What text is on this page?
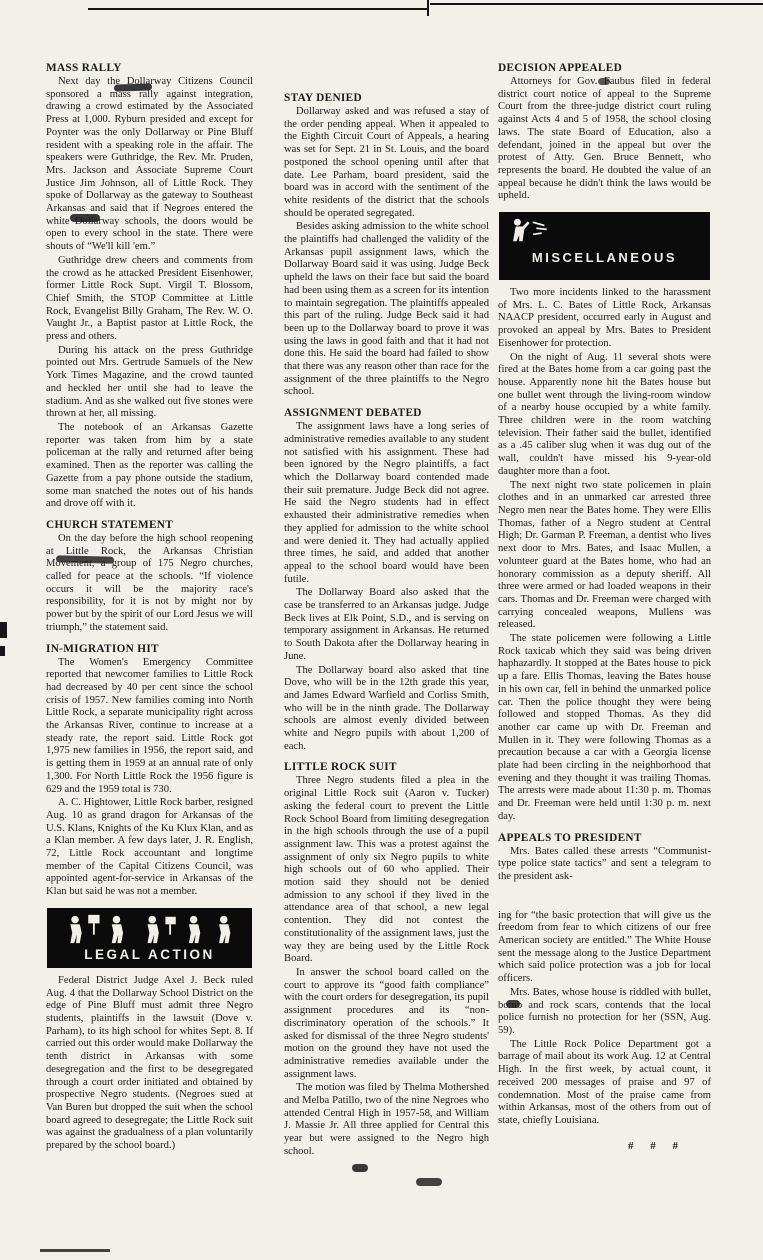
MASS RALLY

Next day the Dollarway Citizens Council sponsored a mass rally against integration, drawing a crowd estimated by the Associated Press at 1,000. Ryburn presided and except for Poynter was the only Dollarway or Pine Bluff resident with a speaking role in the affair. The speakers were Guthridge, the Rev. Mr. Pruden, Mrs. Jackson and Associate Supreme Court Justice Jim Johnson, all of Little Rock. They spoke of Dollarway as the gateway to Southeast Arkansas and said that if Negroes entered the white Dollarway schools, the doors would be open to every school in the state. There were shouts of “We'll kill 'em.”

Guthridge drew cheers and comments from the crowd as he attacked President Eisenhower, former Little Rock Supt. Virgil T. Blossom, Chief Smith, the STOP Committee at Little Rock, Evangelist Billy Graham, The Rev. W. O. Vaught Jr., a Baptist pastor at Little Rock, the press and others.

During his attack on the press Guthridge pointed out Mrs. Gertrude Samuels of the New York Times Magazine, and the crowd taunted and heckled her until she had to leave the stadium. And as she walked out five stones were thrown at her, all missing.

The notebook of an Arkansas Gazette reporter was taken from him by a state policeman at the rally and returned after being examined. Then as the reporter was calling the Gazette from a pay phone outside the stadium, some man snatched the notes out of his hands and drove off with it.

CHURCH STATEMENT

On the day before the high school reopening at Little Rock, the Arkansas Christian Movement, a group of 175 Negro churches, called for peace at the schools. “If violence occurs it will be the majority race's responsibility, for it is not by might nor by power but by the spirit of our Lord Jesus we will triumph,” the statement said.

IN-MIGRATION HIT

The Women's Emergency Committee reported that newcomer families to Little Rock had decreased by 40 per cent since the school crisis of 1957. New families coming into North Little Rock, a separate municipality right across the Arkansas River, continue to increase at a steady rate, the report said. Little Rock got 1,975 new families in 1956, the report said, and is getting them in 1959 at an annual rate of only 1,300. For North Little Rock the 1956 figure is 629 and the 1959 total is 730.

A. C. Hightower, Little Rock barber, resigned Aug. 10 as grand dragon for Arkansas of the U.S. Klans, Knights of the Ku Klux Klan, and as a Klan member. A few days later, J. R. English, 72, Little Rock accountant and longtime member of the Capital Citizens Council, was appointed agent-for-service in Arkansas of the Klan but said he was not a member.

LEGAL ACTION

Federal District Judge Axel J. Beck ruled Aug. 4 that the Dollarway School District on the edge of Pine Bluff must admit three Negro students, plaintiffs in the lawsuit (Dove v. Parham), to its high school for whites Sept. 8. If carried out this order would make Dollarway the tenth district in Arkansas with some desegregation and the first to be desegregated through a court order initiated and obtained by prospective Negro students. (Negroes sued at Van Buren but dropped the suit when the school board agreed to desegregate; the Little Rock suit was against the gradualness of a plan voluntarily prepared by the school board.)

STAY DENIED

Dollarway asked and was refused a stay of the order pending appeal. When it appealed to the Eighth Circuit Court of Appeals, a hearing was set for Sept. 21 in St. Louis, and the board postponed the school opening until after that date. Lee Parham, board president, said the board was in accord with the sentiment of the white residents of the district that the schools should be operated segregated.

Besides asking admission to the white school the plaintiffs had challenged the validity of the Arkansas pupil assignment laws, which the Dollarway Board said it was using. Judge Beck upheld the laws on their face but said the board had been using them as a screen for its intention to maintain segregation. The plaintiffs appealed this part of the ruling. Judge Beck said it had been up to the Dollarway board to prove it was using the laws in good faith and that it had not done this. He said the board had failed to show that there was any reason other than race for the assignment of the three plaintiffs to the Negro school.

ASSIGNMENT DEBATED

The assignment laws have a long series of administrative remedies available to any student not satisfied with his assignment. These had been ignored by the Negro plaintiffs, a fact which the Dollarway board contended made their suit premature. Judge Beck did not agree. He said the Negro students had in effect exhausted their administrative remedies when they applied for admission to the white school and were denied it. They had actually applied three times, he said, and added that another appeal to the school board would have been futile.

The Dollarway Board also asked that the case be transferred to an Arkansas judge. Judge Beck lives at Elk Point, S.D., and is serving on temporary assignment in Arkansas. He returned to South Dakota after the Dollarway hearing in June.

The Dollarway board also asked that tine Dove, who will be in the 12th grade this year, and James Edward Warfield and Corliss Smith, who will be in the ninth grade. The Dollarway schools are almost evenly divided between white and Negro pupils with about 1,200 of each.

LITTLE ROCK SUIT

Three Negro students filed a plea in the original Little Rock suit (Aaron v. Tucker) asking the federal court to prevent the Little Rock School Board from limiting desegregation in the high schools through the use of a pupil assignment law. This was a protest against the assignment of only six Negro pupils to white high schools out of 60 who applied. Their motion said they should not be denied admission to any school if they lived in the attendance area of that school, a new legal contention. They did not contest the constitutionality of the assignment laws, just the way they are being used by the Little Rock Board.

In answer the school board called on the court to approve its “good faith compliance” with the court orders for desegregation, its pupil assignment procedures and its “non-discriminatory operation of the schools.” It asked for dismissal of the three Negro students' motion on the ground they have not used the administrative remedies available under the assignment laws.

The motion was filed by Thelma Mothershed and Melba Patillo, two of the nine Negroes who attended Central High in 1957-58, and William J. Massie Jr. All three applied for Central this year but were assigned to the Negro high school.

DECISION APPEALED

Attorneys for Gov. Faubus filed in federal district court notice of appeal to the Supreme Court from the three-judge district court ruling against Acts 4 and 5 of 1958, the school closing laws. The state Board of Education, also a defendant, joined in the appeal but over the protest of Atty. Gen. Bruce Bennett, who represents the board. He doubted the value of an appeal because he didn't think the laws would be upheld.

MISCELLANEOUS

Two more incidents linked to the harassment of Mrs. L. C. Bates of Little Rock, Arkansas NAACP president, occurred early in August and provoked an appeal by Mrs. Bates to President Eisenhower for protection.

On the night of Aug. 11 several shots were fired at the Bates home from a car going past the house. Apparently none hit the Bates house but one bullet went through the living-room window of a nearby house occupied by a white family. Three children were in the room watching television. Their father said the bullet, identified as a .45 caliber slug when it was dug out of the wall, couldn't have missed his 9-year-old daughter more than a foot.

The next night two state policemen in plain clothes and in an unmarked car arrested three Negro men near the Bates home. They were Ellis Thomas, father of a Negro student at Central High; Dr. Garman P. Freeman, a dentist who lives next door to Mrs. Bates, and Isaac Mullen, a volunteer guard at the Bates home, who had an honorary commission as a deputy sheriff. All three were armed or had loaded weapons in their cars. Thomas and Dr. Freeman were charged with carrying concealed weapons, Mullens was released.

The state policemen were following a Little Rock taxicab which they said was being driven haphazardly. It stopped at the Bates house to pick up a fare. Ellis Thomas, leaving the Bates house in his own car, fell in behind the unmarked police car. Then the police thought they were being followed and stopped Thomas. As they did another car came up with Dr. Freeman and Mullen in it. They were following Thomas as a precaution because a car with a Georgia license plate had been circling in the neighborhood that evening and they thought it was trailing Thomas. The arrests were made about 11:30 p. m. Thomas and Dr. Freeman were held until 1:30 p. m. next day.

APPEALS TO PRESIDENT

Mrs. Bates called these arrests “Communist-type police state tactics” and sent a telegram to the president ask-

ing for “the basic protection that will give us the freedom from fear to which citizens of our free American society are entitled.” The White House sent the message along to the Justice Department which said police protection was a job for local officers.

Mrs. Bates, whose house is riddled with bullet, bomb and rock scars, contends that the local police furnish no protection for her (SSN, Aug. 59).

The Little Rock Police Department got a barrage of mail about its work Aug. 12 at Central High. In the first week, by actual count, it received 200 messages of praise and 97 of condemnation. Most of the praise came from within Arkansas, most of the others from out of state, chiefly Louisiana.

# # #
